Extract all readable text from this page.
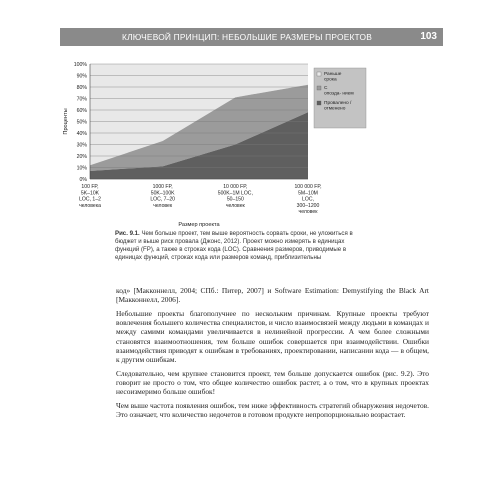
КЛЮЧЕВОЙ ПРИНЦИП: НЕБОЛЬШИЕ РАЗМЕРЫ ПРОЕКТОВ	103
0%
10%
20%
30%
40%
50%
60%
70%
80%
90%
100%
100 FP, 5K–10K LOC, 1–2 человека
1000 FP, 50K–100K LOC, 7–20 человек
10 000 FP, 500K–1M LOC, 50–150 человек
100 000 FP, 5M–10M LOC, 300–1200 человек
Размер проекта
Проценты
Раньше срока
С опозда- нием
Провалено / отменено
Рис. 9.1. Чем больше проект, тем выше вероятность сорвать сроки, не уложиться в бюджет и выше риск провала (Джонс, 2012). Проект можно измерять в единицах функций (FP), а также в строках кода (LOC). Сравнения размеров, приводимые в единицах функций, строках кода или размеров команд, приблизительны

код» [Макконнелл, 2004; СПб.: Питер, 2007] и Software Estimation: Demystifying the Black Art [Макконнелл, 2006].

Небольшие проекты благополучнее по нескольким причинам. Крупные проекты требуют вовлечения большего количества специалистов, и число взаимосвязей между людьми в командах и между самими командами увеличивается в нелинейной прогрессии. А чем более сложными становятся взаимоотношения, тем больше ошибок совершается при взаимодействии. Ошибки взаимодействия приводят к ошибкам в требованиях, проектировании, написании кода — в общем, к другим ошибкам.

Следовательно, чем крупнее становится проект, тем больше допускается ошибок (рис. 9.2). Это говорит не просто о том, что общее количество ошибок растет, а о том, что в крупных проектах несоизмеримо больше ошибок!

Чем выше частота появления ошибок, тем ниже эффективность стратегий обнаружения недочетов. Это означает, что количество недочетов в готовом продукте непропорционально возрастает.
